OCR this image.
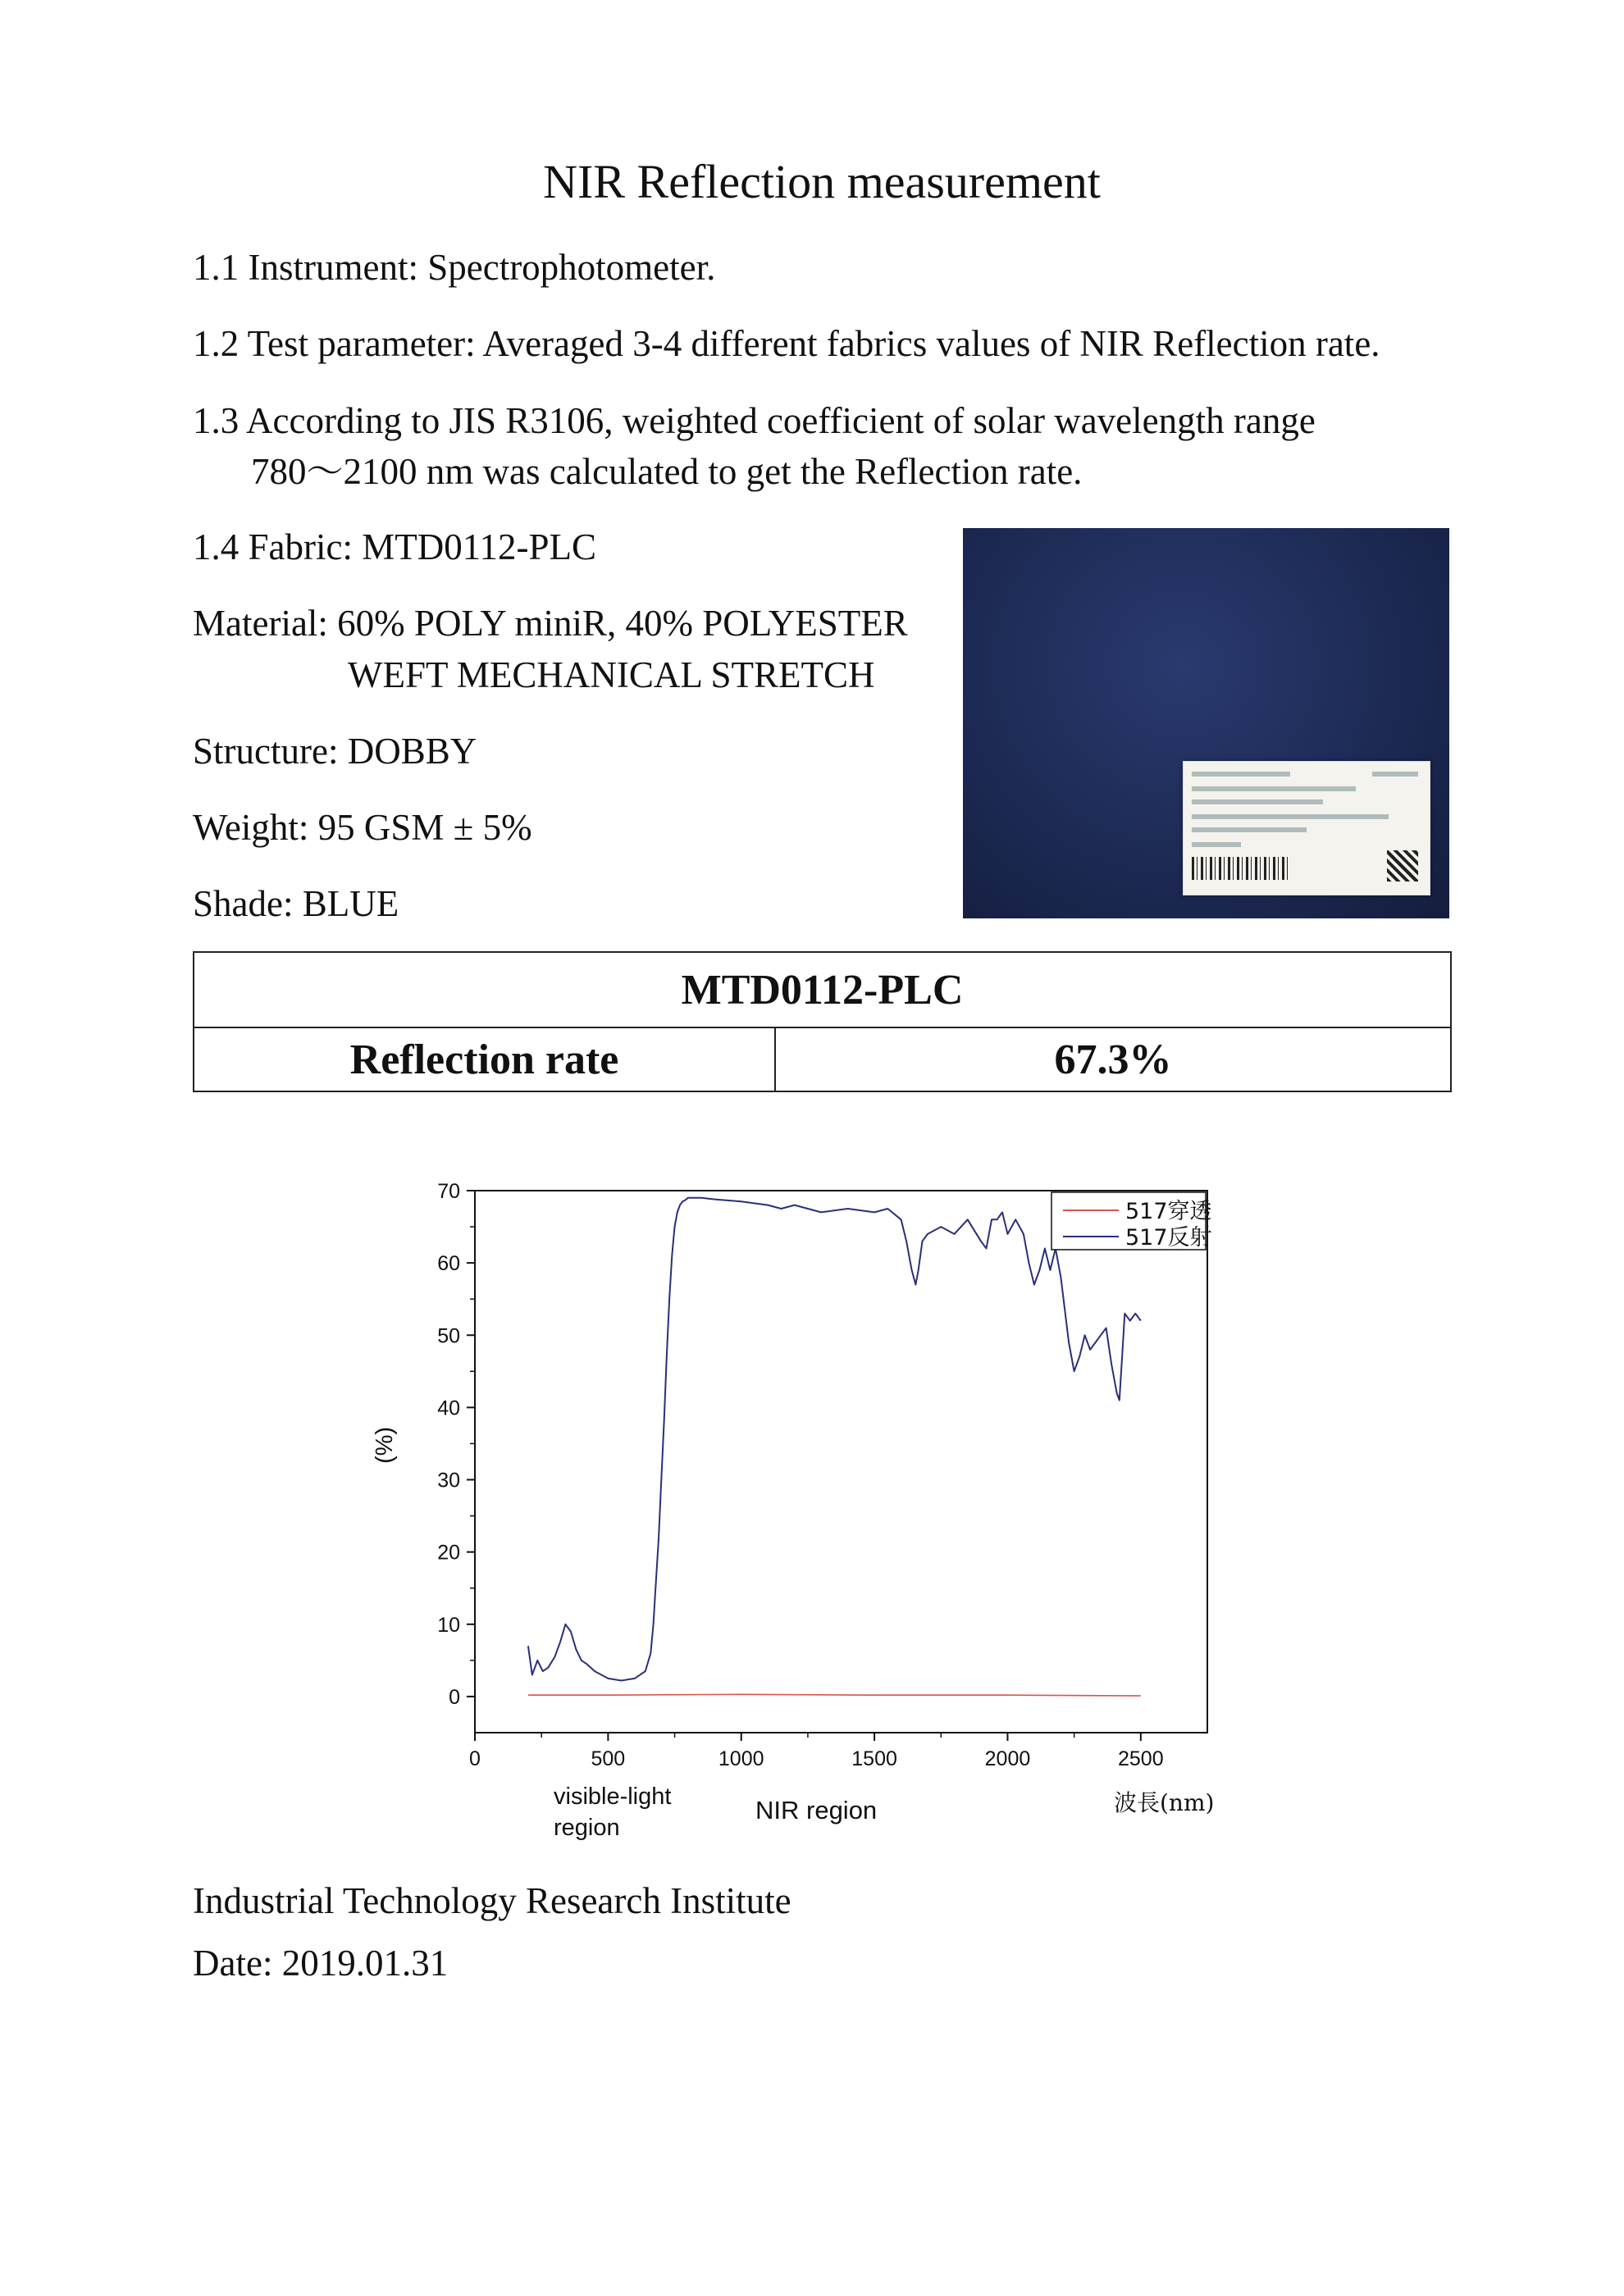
NIR Reflection measurement
1.1 Instrument: Spectrophotometer.
1.2 Test parameter: Averaged 3-4 different fabrics values of NIR Reflection rate.
1.3 According to JIS R3106, weighted coefficient of solar wavelength range
780～2100 nm was calculated to get the Reflection rate.
1.4 Fabric: MTD0112-PLC
Material: 60% POLY miniR, 40% POLYESTER
WEFT MECHANICAL STRETCH
Structure: DOBBY
Weight: 95 GSM ± 5%
Shade: BLUE
MTD0112-PLC
Reflection rate	67.3%
0	500	1000	1500	2000	2500
0
10
20
30
40
50
60
70
(%)
517穿透
517反射
visible-light
region
NIR region	波長(nm)
Industrial Technology Research Institute
Date: 2019.01.31
